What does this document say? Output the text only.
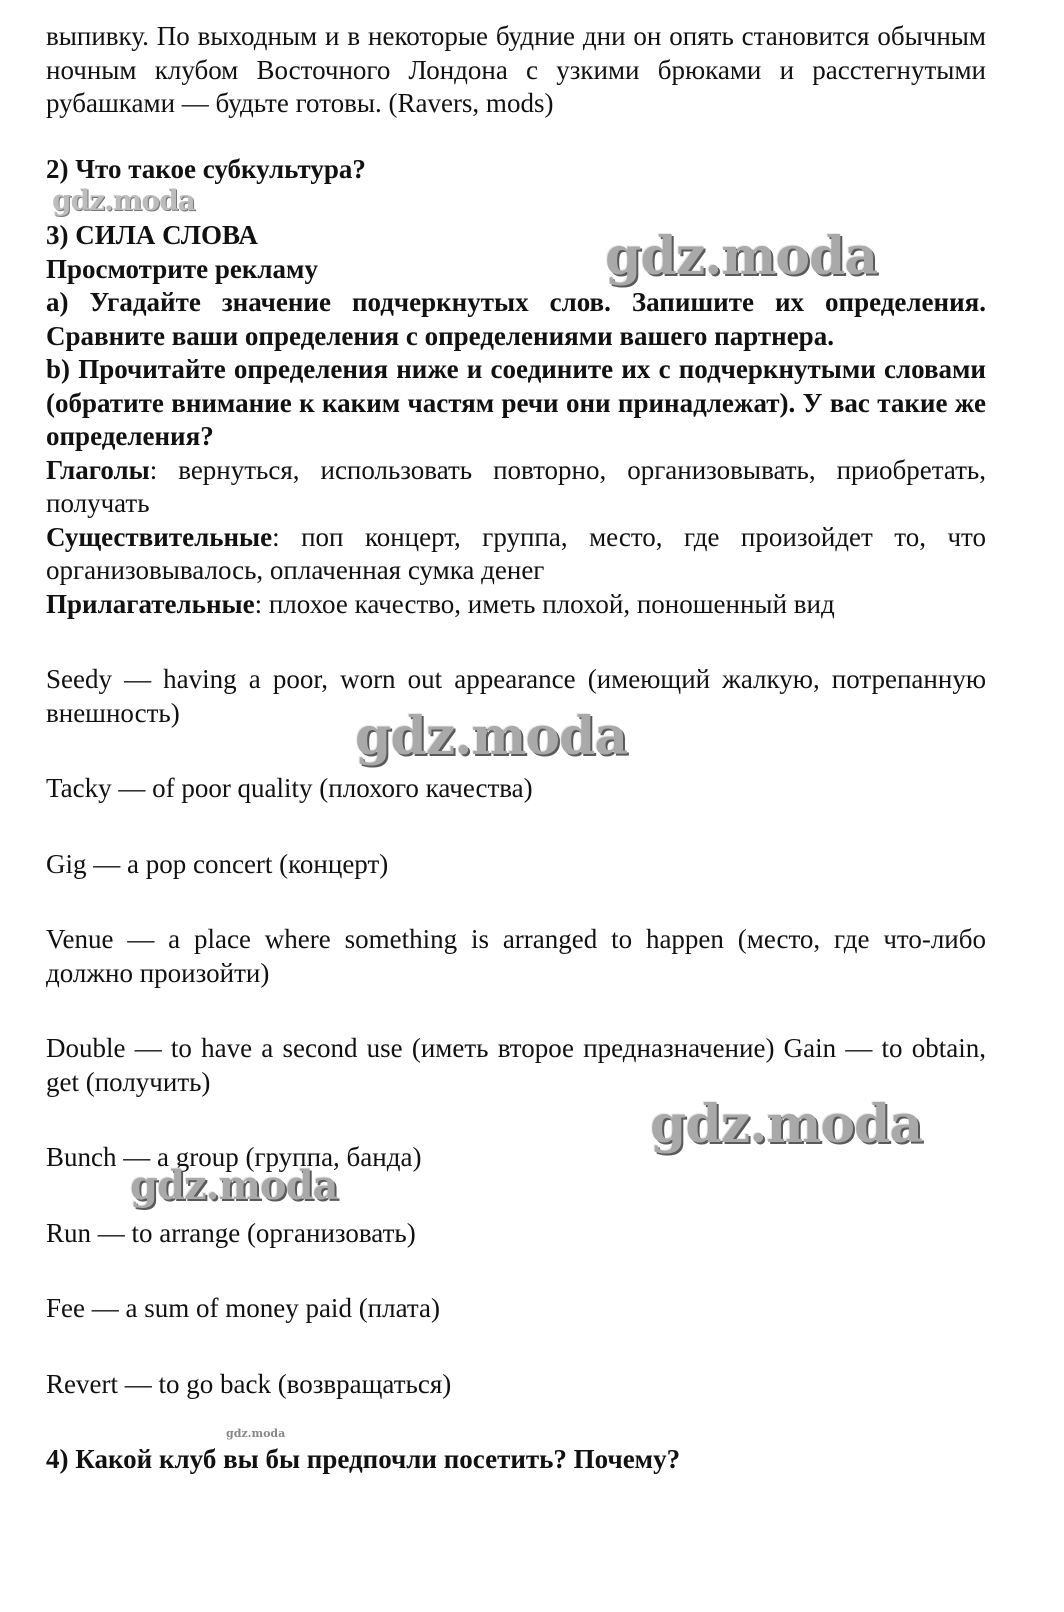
выпивку. По выходным и в некоторые будние дни он опять становится обычным ночным клубом Восточного Лондона с узкими брюками и расстегнутыми рубашками — будьте готовы. (Ravers, mods)

2) Что такое субкультура?

3) СИЛА СЛОВА

Просмотрите рекламу

а) Угадайте значение подчеркнутых слов. Запишите их определения. Сравните ваши определения с определениями вашего партнера.

b) Прочитайте определения ниже и соедините их с подчеркнутыми словами (обратите внимание к каким частям речи они принадлежат). У вас такие же определения?

Глаголы: вернуться, использовать повторно, организовывать, приобретать, получать

Существительные: поп концерт, группа, место, где произойдет то, что организовывалось, оплаченная сумка денег

Прилагательные: плохое качество, иметь плохой, поношенный вид

Seedy — having a poor, worn out appearance (имеющий жалкую, потрепанную внешность)

Tacky — of poor quality (плохого качества)

Gig — a pop concert (концерт)

Venue — a place where something is arranged to happen (место, где что-либо должно произойти)

Double — to have a second use (иметь второе предназначение) Gain — to obtain, get (получить)

Bunch — a group (группа, банда)

Run — to arrange (организовать)

Fee — a sum of money paid (плата)

Revert — to go back (возвращаться)

4) Какой клуб вы бы предпочли посетить? Почему?

gdz.moda
gdz.moda
gdz.moda
gdz.moda
gdz.moda
gdz.moda
